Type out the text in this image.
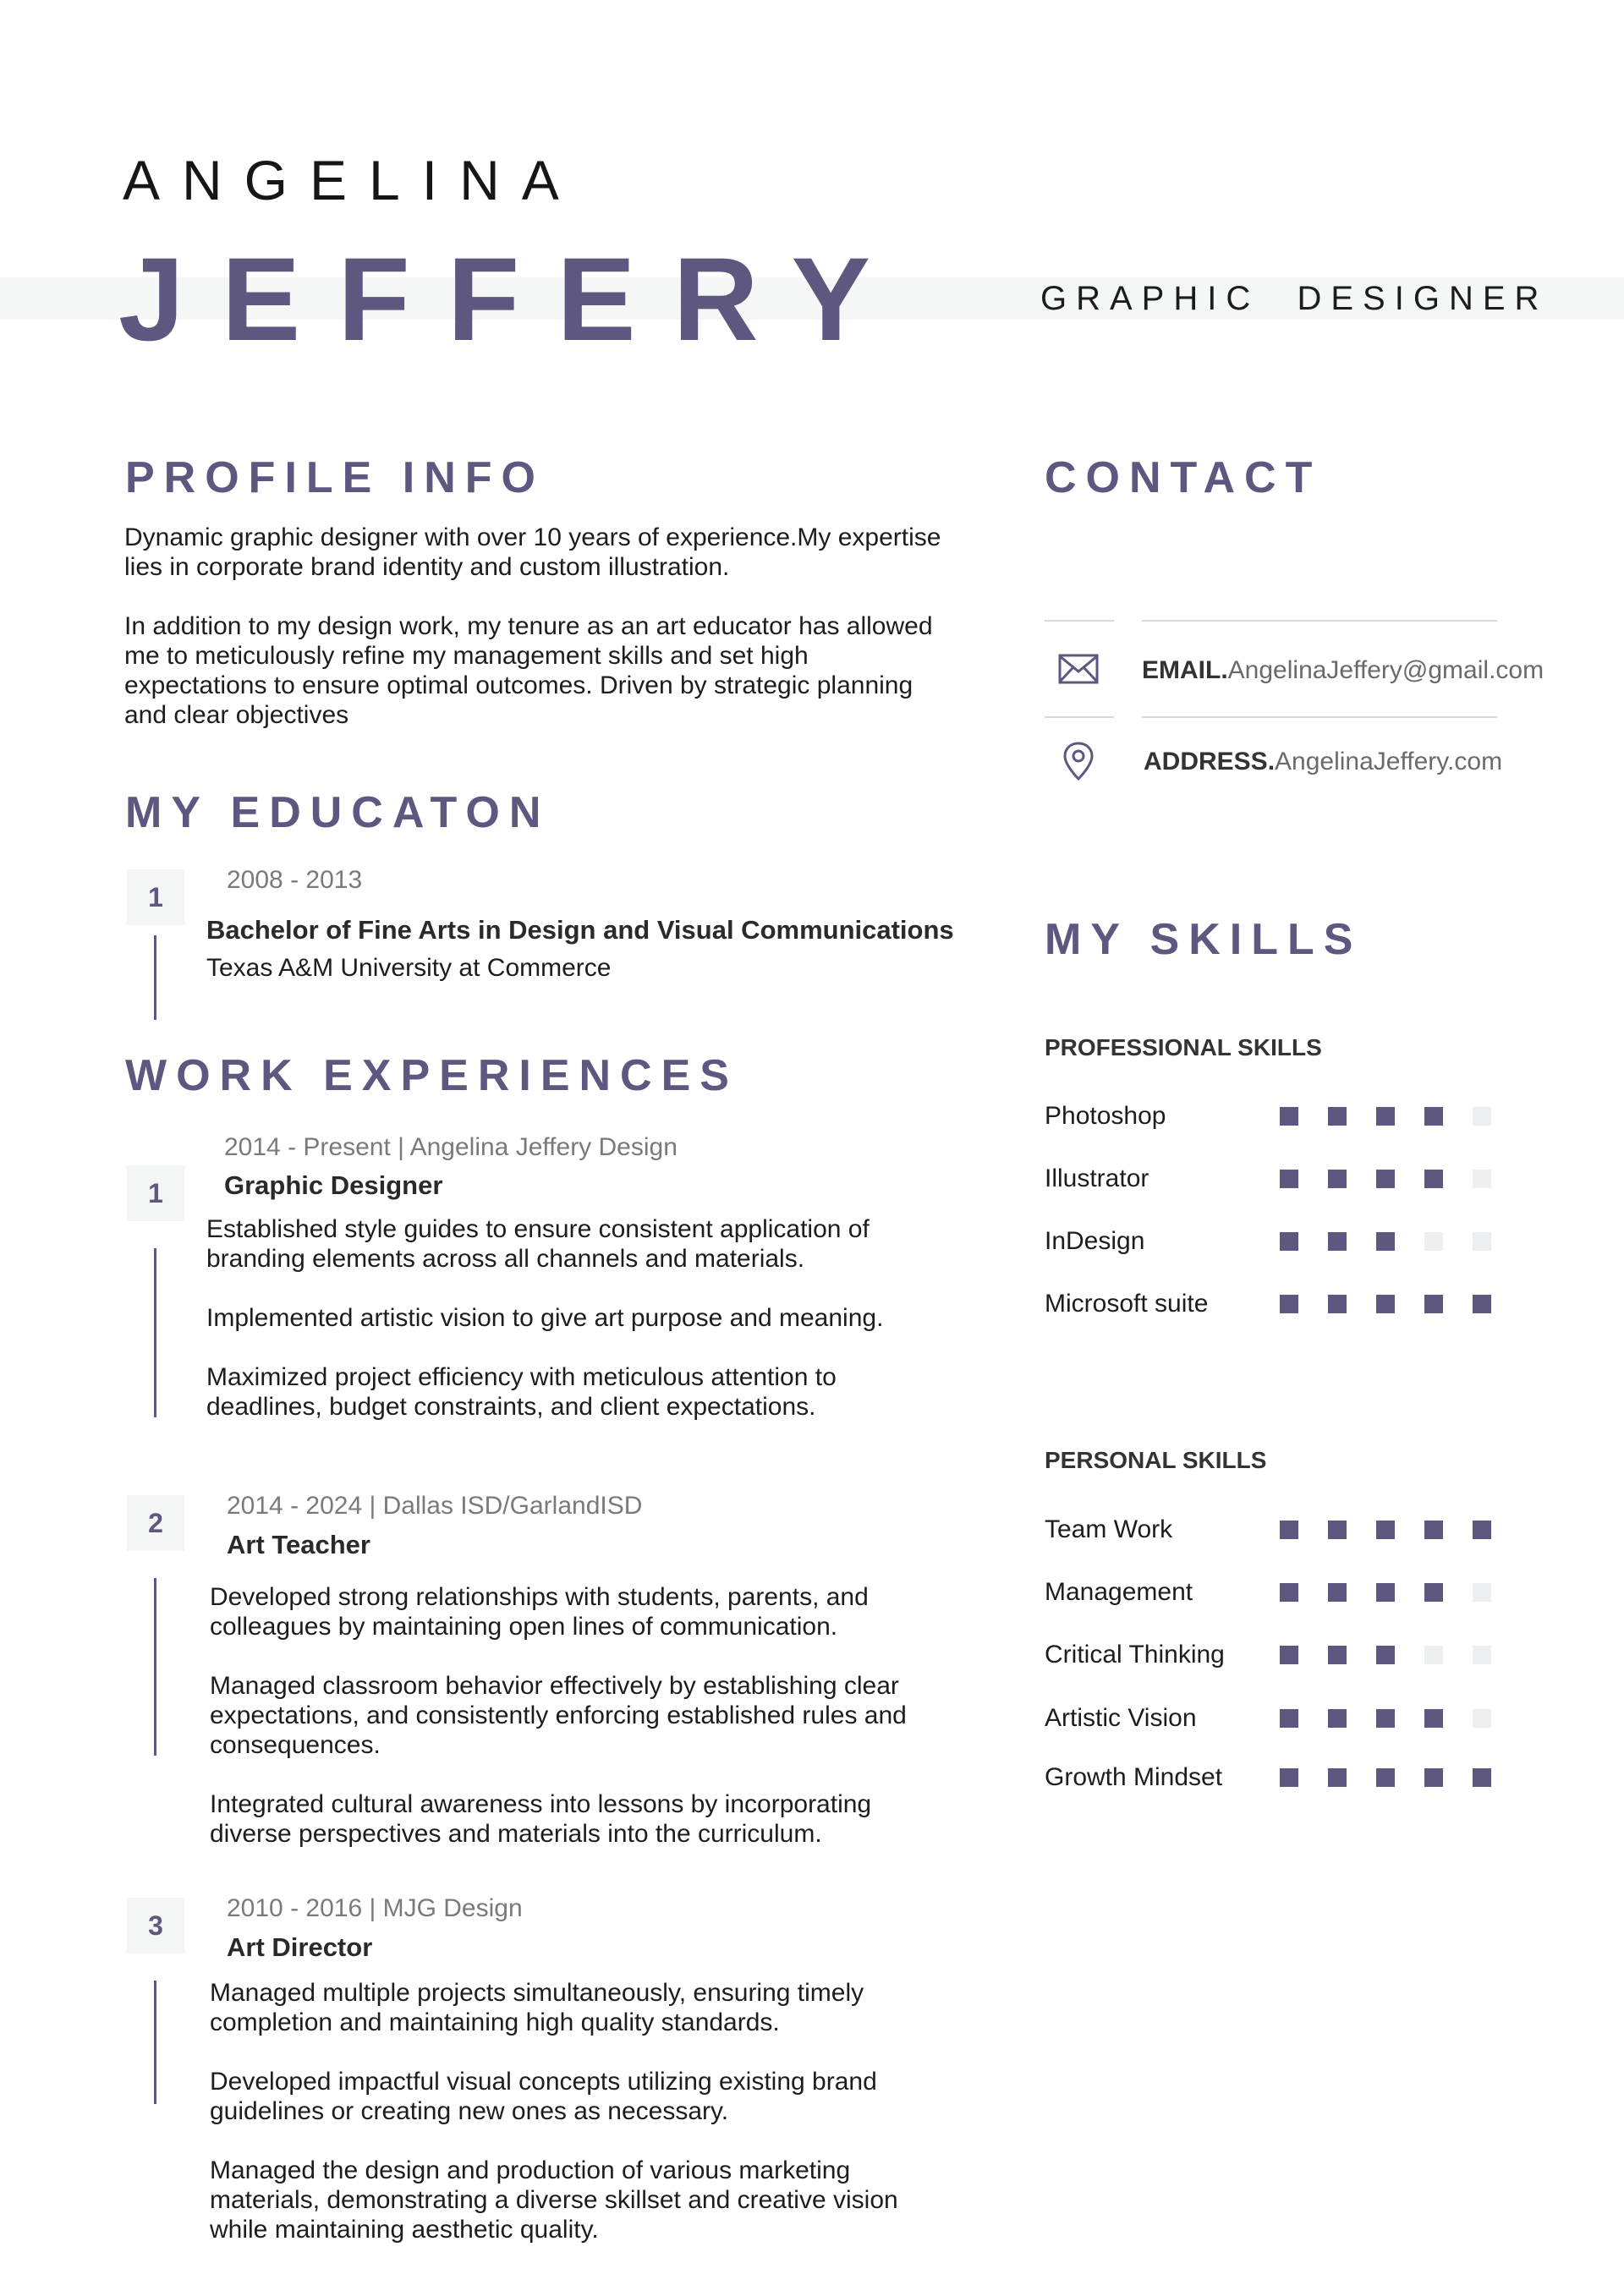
ANGELINA
JEFFERY	GRAPHIC  DESIGNER
PROFILE INFO

Dynamic graphic designer with over 10 years of experience.My expertise lies in corporate brand identity and custom illustration.

In addition to my design work, my tenure as an art educator has allowed me to meticulously refine my management skills and set high expectations to ensure optimal outcomes. Driven by strategic planning and clear objectives

MY EDUCATON
1
2008 - 2013
Bachelor of Fine Arts in Design and Visual Communications
Texas A&M University at Commerce
WORK EXPERIENCES
1
2014 - Present | Angelina Jeffery Design
Graphic Designer

Established style guides to ensure consistent application of branding elements across all channels and materials.

Implemented artistic vision to give art purpose and meaning.

Maximized project efficiency with meticulous attention to deadlines, budget constraints, and client expectations.

2
2014 - 2024 | Dallas ISD/GarlandISD
Art Teacher

Developed strong relationships with students, parents, and colleagues by maintaining open lines of communication.

Managed classroom behavior effectively by establishing clear expectations, and consistently enforcing established rules and consequences.

Integrated cultural awareness into lessons by incorporating diverse perspectives and materials into the curriculum.

3
2010 - 2016 | MJG Design
Art Director

Managed multiple projects simultaneously, ensuring timely completion and maintaining high quality standards.

Developed impactful visual concepts utilizing existing brand guidelines or creating new ones as necessary.

Managed the design and production of various marketing materials, demonstrating a diverse skillset and creative vision while maintaining aesthetic quality.

CONTACT
EMAIL.AngelinaJeffery@gmail.com
ADDRESS.AngelinaJeffery.com
MY SKILLS
PROFESSIONAL SKILLS
Photoshop
Illustrator
InDesign
Microsoft suite
PERSONAL SKILLS
Team Work
Management
Critical Thinking
Artistic Vision
Growth Mindset
